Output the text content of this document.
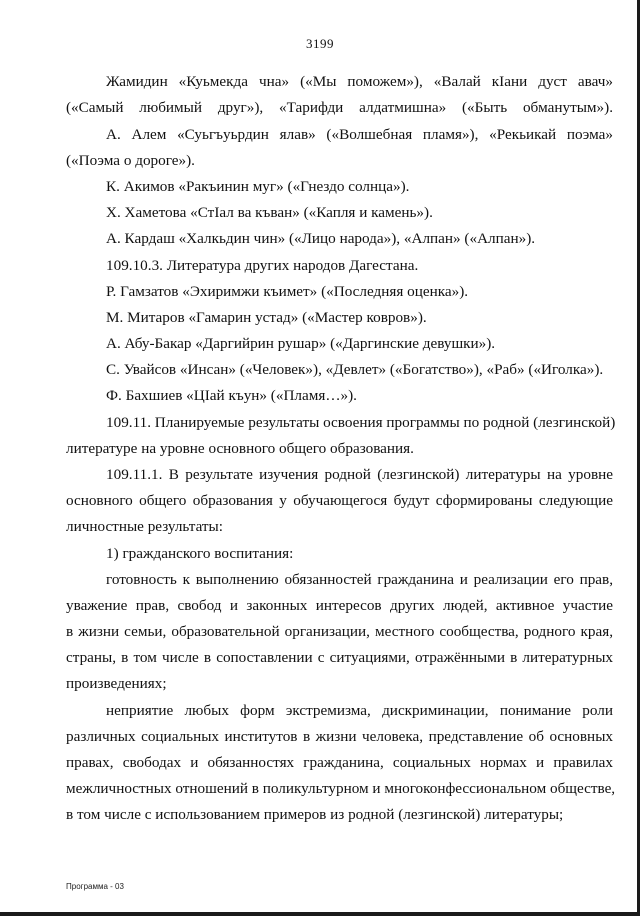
3199
Жамидин «Куьмекда чна» («Мы поможем»), «Валай кIани дуст авач»
(«Самый любимый друг»), «Тарифди алдатмишна» («Быть обманутым»).
А. Алем «Суьгъуьрдин ялав» («Волшебная пламя»), «Рекьикай поэма»
(«Поэма о дороге»).
К. Акимов «Ракъинин муг» («Гнездо солнца»).
Х. Хаметова «СтIал ва къван» («Капля и камень»).
А. Кардаш «Халкьдин чин» («Лицо народа»), «Алпан» («Алпан»).
109.10.3. Литература других народов Дагестана.
Р. Гамзатов «Эхиримжи къимет» («Последняя оценка»).
М. Митаров «Гамарин устад» («Мастер ковров»).
А. Абу-Бакар «Даргийрин рушар» («Даргинские девушки»).
С. Увайсов «Инсан» («Человек»), «Девлет» («Богатство»), «Раб» («Иголка»).
Ф. Бахшиев «ЦIай къун» («Пламя…»).
109.11. Планируемые результаты освоения программы по родной (лезгинской)
литературе на уровне основного общего образования.
109.11.1. В результате изучения родной (лезгинской) литературы на уровне
основного общего образования у обучающегося будут сформированы следующие
личностные результаты:
1) гражданского воспитания:
готовность к выполнению обязанностей гражданина и реализации его прав,
уважение прав, свобод и законных интересов других людей, активное участие
в жизни семьи, образовательной организации, местного сообщества, родного края,
страны, в том числе в сопоставлении с ситуациями, отражёнными в литературных
произведениях;
неприятие любых форм экстремизма, дискриминации, понимание роли
различных социальных институтов в жизни человека, представление об основных
правах, свободах и обязанностях гражданина, социальных нормах и правилах
межличностных отношений в поликультурном и многоконфессиональном обществе,
в том числе с использованием примеров из родной (лезгинской) литературы;
Программа - 03
